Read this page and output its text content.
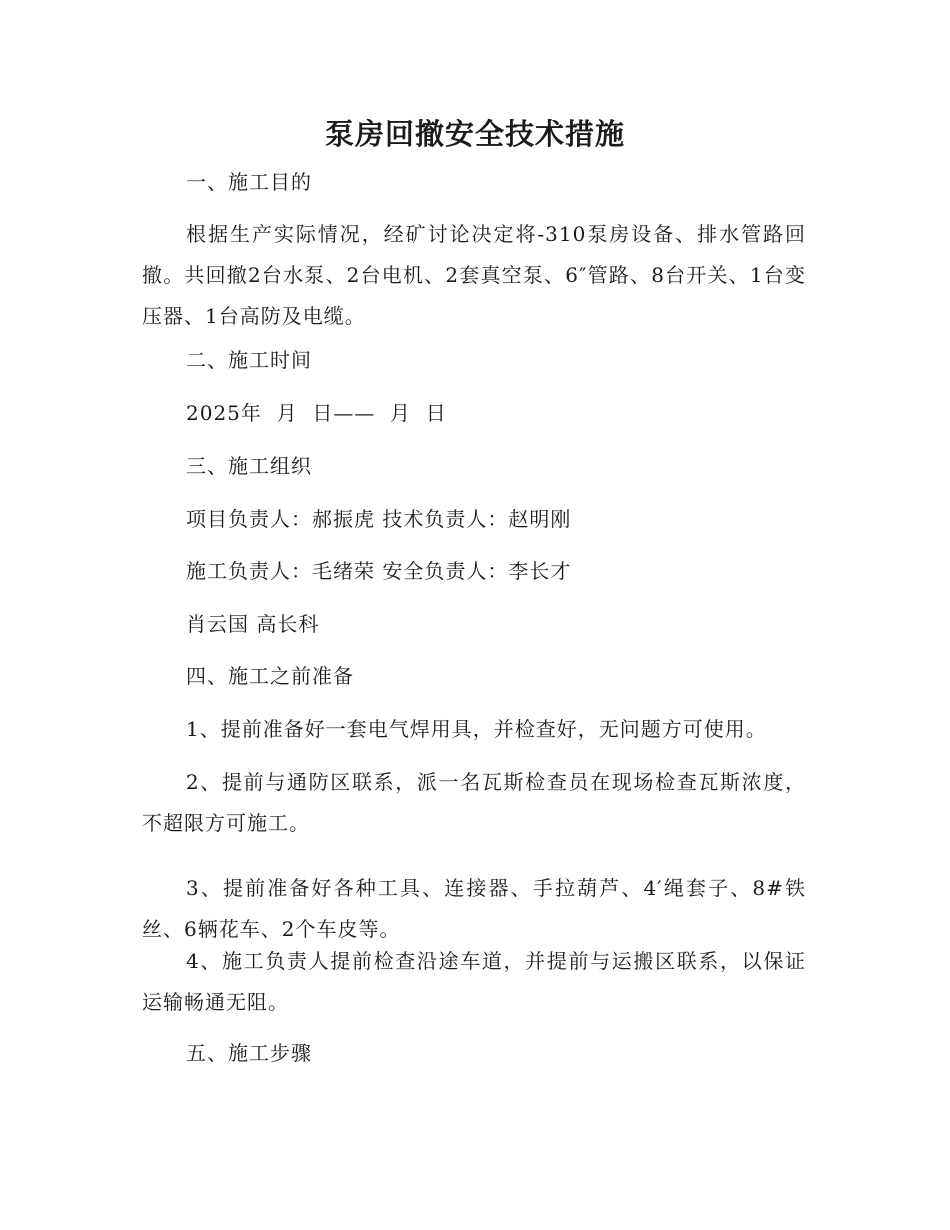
泵房回撤安全技术措施

一、施工目的

根据生产实际情况，经矿讨论决定将-310泵房设备、排水管路回撤。共回撤2台水泵、2台电机、2套真空泵、6″管路、8台开关、1台变压器、1台高防及电缆。

二、施工时间

2025年  月  日——  月  日

三、施工组织

项目负责人：郝振虎 技术负责人：赵明刚

施工负责人：毛绪荣 安全负责人：李长才

肖云国 高长科

四、施工之前准备

1、提前准备好一套电气焊用具，并检查好，无问题方可使用。

2、提前与通防区联系，派一名瓦斯检查员在现场检查瓦斯浓度，不超限方可施工。

3、提前准备好各种工具、连接器、手拉葫芦、4′绳套子、8#铁丝、6辆花车、2个车皮等。

4、施工负责人提前检查沿途车道，并提前与运搬区联系，以保证运输畅通无阻。

五、施工步骤
